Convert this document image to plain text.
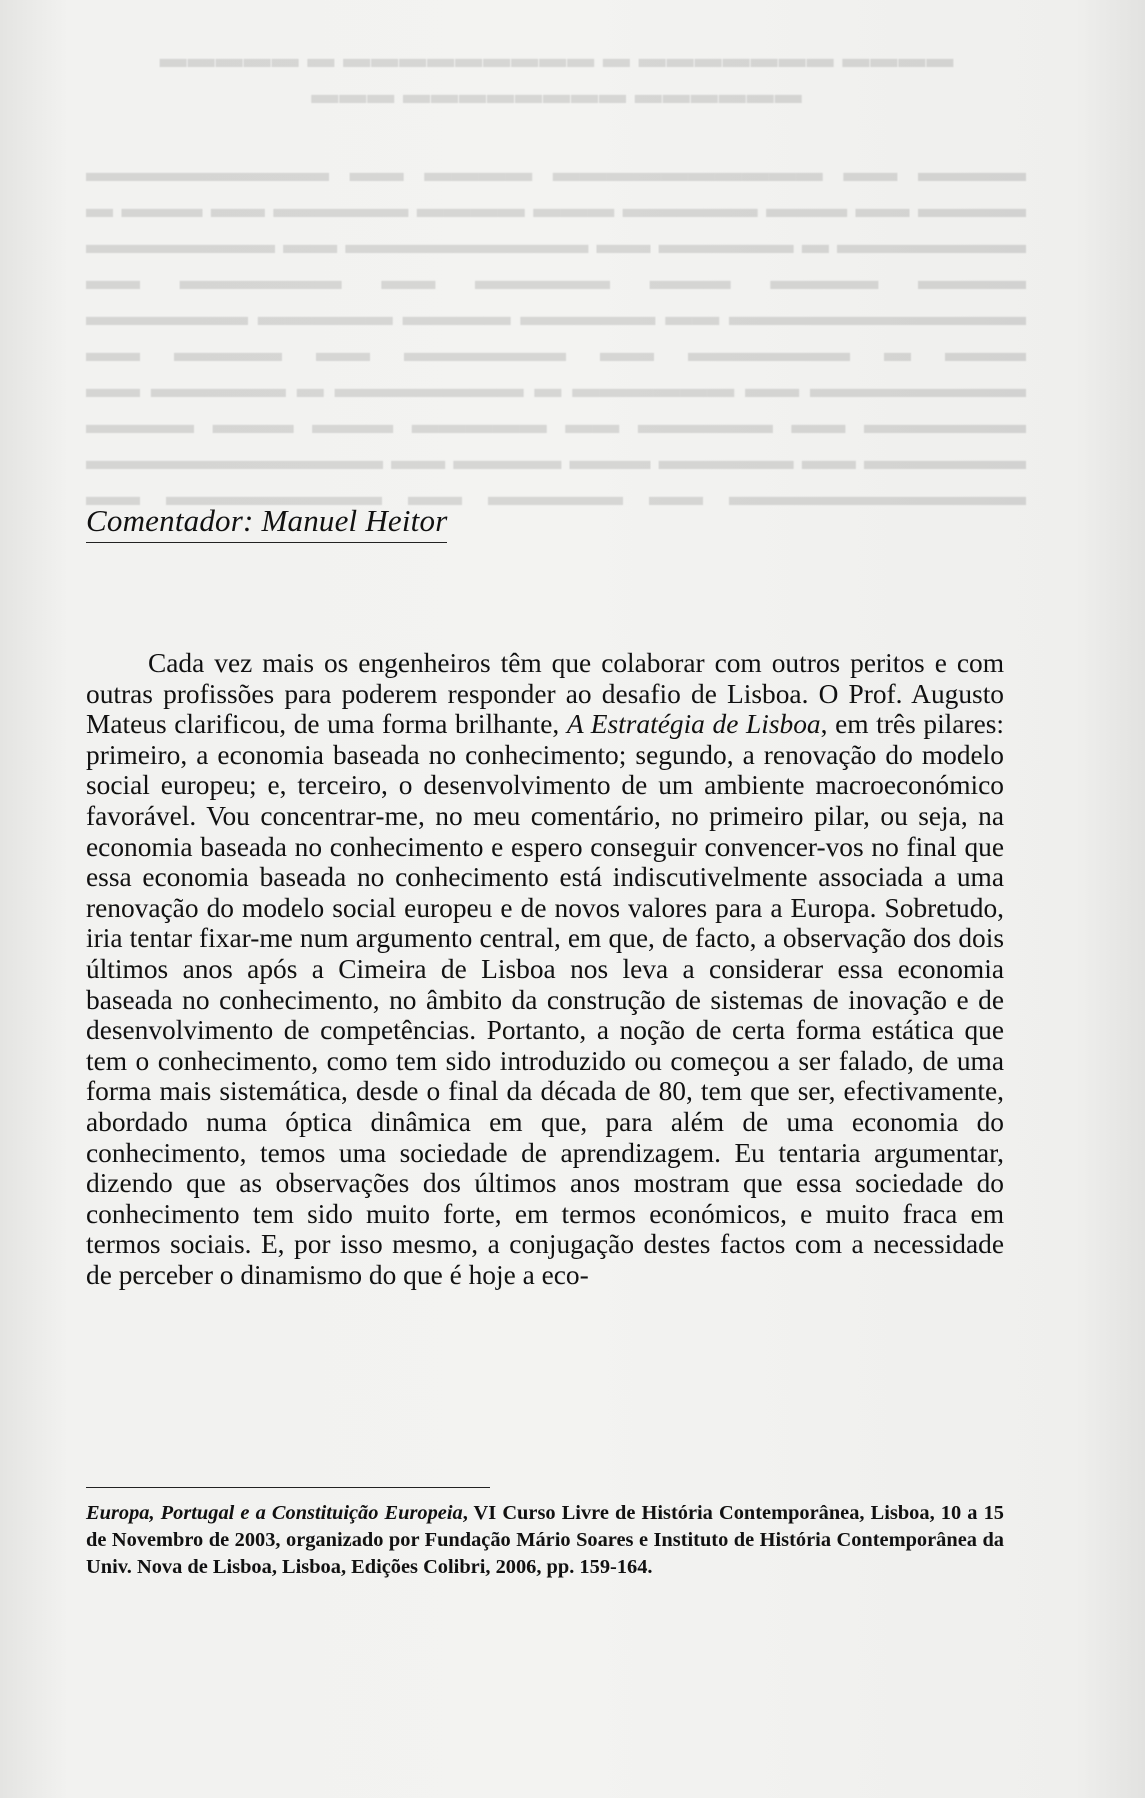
▬▬▬▬ ▬▬▬▬▬▬▬ ▬ ▬▬▬▬▬▬▬▬▬ ▬ ▬▬▬▬▬ ▬▬▬▬▬▬ ▬▬▬▬▬▬▬▬ ▬▬▬

▬▬▬▬ ▬▬ ▬▬▬▬▬▬▬▬▬▬ ▬▬▬▬ ▬▬ ▬▬▬▬▬▬▬▬▬ ▬▬▬▬ ▬▬ ▬▬▬ ▬▬▬▬▬ ▬▬▬ ▬▬▬▬ ▬▬▬▬▬ ▬▬ ▬▬▬ ▬ ▬▬▬▬▬▬▬ ▬ ▬▬▬▬▬ ▬▬ ▬▬▬▬▬▬▬▬▬ ▬▬ ▬▬▬▬▬▬▬ ▬▬▬▬ ▬▬▬▬ ▬▬▬ ▬▬▬▬▬ ▬▬ ▬▬▬▬▬▬ ▬▬ ▬▬▬▬▬▬▬▬▬▬▬ ▬▬ ▬▬▬▬▬ ▬▬▬▬ ▬▬▬▬▬ ▬▬▬▬▬▬ ▬▬▬ ▬ ▬▬▬▬▬▬ ▬▬ ▬▬▬▬▬▬ ▬▬ ▬▬▬▬ ▬▬ ▬▬▬▬▬▬▬▬ ▬▬ ▬▬▬▬▬▬ ▬ ▬▬▬▬▬▬▬ ▬ ▬▬▬▬▬ ▬▬ ▬▬▬▬▬▬ ▬▬ ▬▬▬▬▬ ▬▬ ▬▬▬▬▬ ▬▬▬ ▬▬▬ ▬▬▬▬ ▬▬▬▬▬▬ ▬▬ ▬▬▬▬▬ ▬▬▬ ▬▬▬▬ ▬▬ ▬▬▬▬▬▬▬▬▬▬▬ ▬▬▬▬▬▬▬▬▬▬▬ ▬▬ ▬▬▬▬▬ ▬▬ ▬▬▬▬▬▬▬▬ ▬▬

Comentador: Manuel Heitor

Cada vez mais os engenheiros têm que colaborar com outros peritos e com outras profissões para poderem responder ao desafio de Lisboa. O Prof. Augusto Mateus clarificou, de uma forma brilhante, A Estratégia de Lisboa, em três pilares: primeiro, a economia baseada no conhecimento; segundo, a renovação do modelo social europeu; e, terceiro, o desenvolvimento de um ambiente macroeconómico favorável. Vou concentrar-me, no meu comentário, no primeiro pilar, ou seja, na economia baseada no conhecimento e espero conseguir convencer-vos no final que essa economia baseada no conhecimento está indiscutivelmente associada a uma renovação do modelo social europeu e de novos valores para a Europa. Sobretudo, iria tentar fixar-me num argumento central, em que, de facto, a observação dos dois últimos anos após a Cimeira de Lisboa nos leva a considerar essa economia baseada no conhecimento, no âmbito da construção de sistemas de inovação e de desenvolvimento de competências. Portanto, a noção de certa forma estática que tem o conhecimento, como tem sido introduzido ou começou a ser falado, de uma forma mais sistemática, desde o final da década de 80, tem que ser, efectivamente, abordado numa óptica dinâmica em que, para além de uma economia do conhecimento, temos uma sociedade de aprendizagem. Eu tentaria argumentar, dizendo que as observações dos últimos anos mostram que essa sociedade do conhecimento tem sido muito forte, em termos económicos, e muito fraca em termos sociais. E, por isso mesmo, a conjugação destes factos com a necessidade de perceber o dinamismo do que é hoje a eco-

Europa, Portugal e a Constituição Europeia, VI Curso Livre de História Contemporânea, Lisboa, 10 a 15 de Novembro de 2003, organizado por Fundação Mário Soares e Instituto de História Contemporânea da Univ. Nova de Lisboa, Lisboa, Edições Colibri, 2006, pp. 159-164.
